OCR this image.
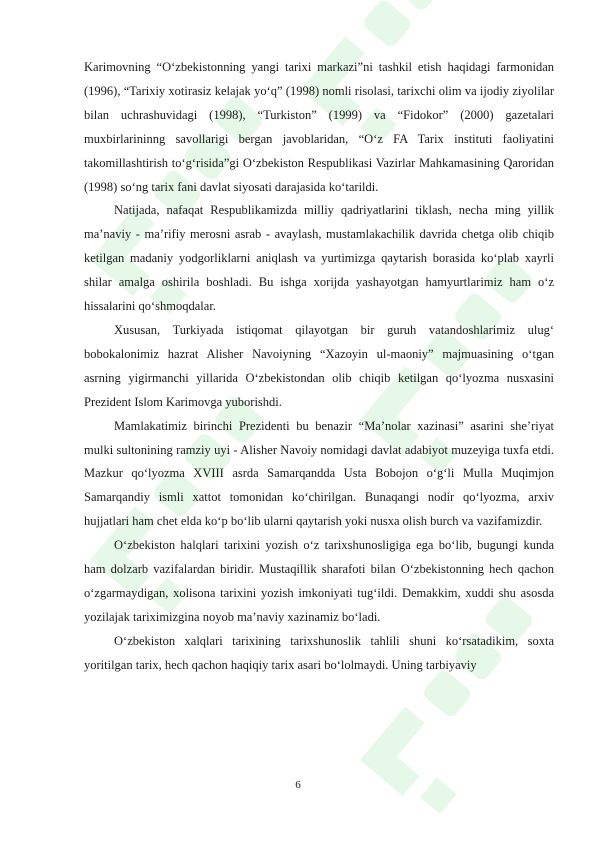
Karimovning “O‘zbekistonning yangi tarixi markazi”ni tashkil etish haqidagi farmonidan (1996), “Tarixiy xotirasiz kelajak yo‘q” (1998) nomli risolasi, tarixchi olim va ijodiy ziyolilar bilan uchrashuvidagi (1998), “Turkiston” (1999) va “Fidokor” (2000) gazetalari muxbirlarininng savollarigi bergan javoblaridan, “O‘z FA Tarix instituti faoliyatini takomillashtirish to‘g‘risida”gi O‘zbekiston Respublikasi Vazirlar Mahkamasining Qaroridan (1998) so‘ng tarix fani davlat siyosati darajasida ko‘tarildi.

Natijada, nafaqat Respublikamizda milliy qadriyatlarini tiklash, necha ming yillik ma’naviy - ma’rifiy merosni asrab - avaylash, mustamlakachilik davrida chetga olib chiqib ketilgan madaniy yodgorliklarni aniqlash va yurtimizga qaytarish borasida ko‘plab xayrli shilar amalga oshirila boshladi. Bu ishga xorijda yashayotgan hamyurtlarimiz ham o‘z hissalarini qo‘shmoqdalar.

Xususan, Turkiyada istiqomat qilayotgan bir guruh vatandoshlarimiz ulug‘ bobokalonimiz hazrat Alisher Navoiyning “Xazoyin ul-maoniy” majmuasining o‘tgan asrning yigirmanchi yillarida O‘zbekistondan olib chiqib ketilgan qo‘lyozma nusxasini Prezident Islom Karimovga yuborishdi.

Mamlakatimiz birinchi Prezidenti bu benazir “Ma’nolar xazinasi” asarini she’riyat mulki sultonining ramziy uyi - Alisher Navoiy nomidagi davlat adabiyot muzeyiga tuxfa etdi. Mazkur qo‘lyozma XVIII asrda Samarqandda Usta Bobojon o‘g‘li Mulla Muqimjon Samarqandiy ismli xattot tomonidan ko‘chirilgan. Bunaqangi nodir qo‘lyozma, arxiv hujjatlari ham chet elda ko‘p bo‘lib ularni qaytarish yoki nusxa olish burch va vazifamizdir.

O‘zbekiston halqlari tarixini yozish o‘z tarixshunosligiga ega bo‘lib, bugungi kunda ham dolzarb vazifalardan biridir. Mustaqillik sharafoti bilan O‘zbekistonning hech qachon o‘zgarmaydigan, xolisona tarixini yozish imkoniyati tug‘ildi. Demakkim, xuddi shu asosda yozilajak tariximizgina noyob ma’naviy xazinamiz bo‘ladi.

O‘zbekiston xalqlari tarixining tarixshunoslik tahlili shuni ko‘rsatadikim, soxta yoritilgan tarix, hech qachon haqiqiy tarix asari bo‘lolmaydi. Uning tarbiyaviy

6
